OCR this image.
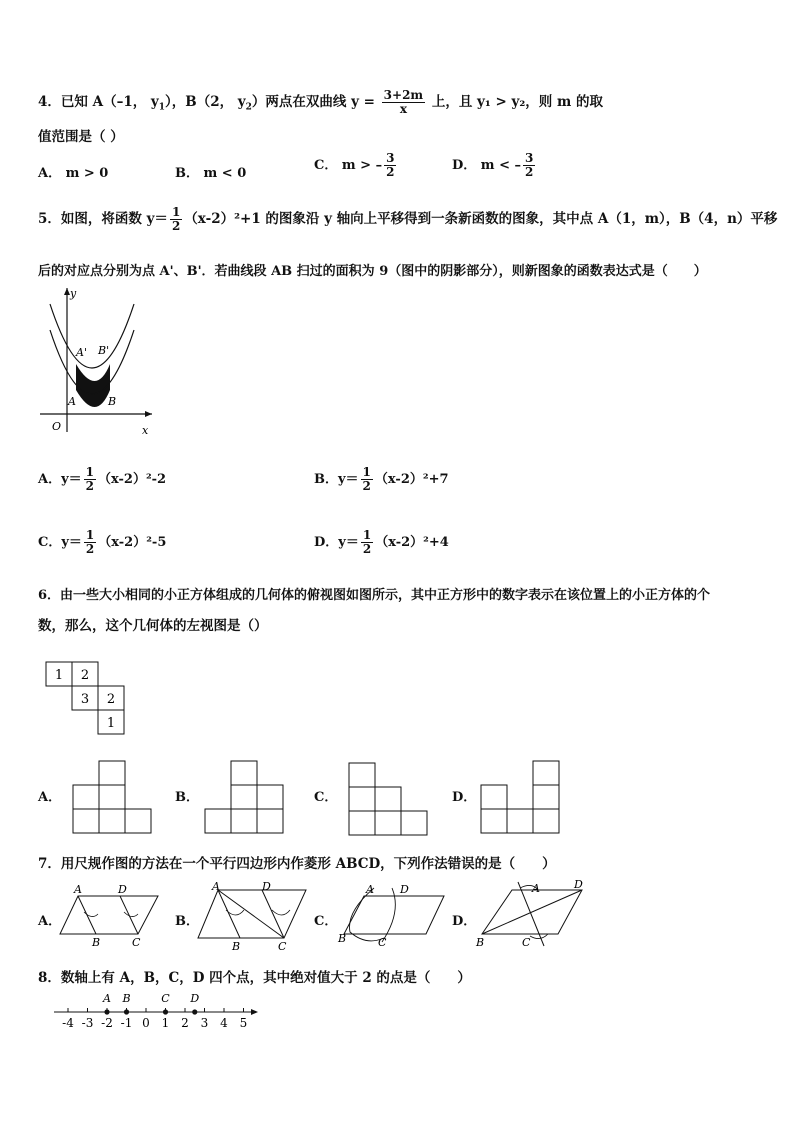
4．已知 A（–1， $y_1$），B（2， $y_2$）两点在双曲线 $y = \frac{3+2m}{x}$ 上，且 y₁ > y₂，则 m 的取
值范围是（ ）
A． m > 0	B． m < 0
C． m > – $\frac{3}{2}$	D． m < – $\frac{3}{2}$
5．如图，将函数 $y= \frac{1}{2} (x-2)^2+1$ 的图象沿 y 轴向上平移得到一条新函数的图象，其中点 A（1，m），B（4，n）平移
后的对应点分别为点 A'、B'．若曲线段 AB 扫过的面积为 9（图中的阴影部分），则新图象的函数表达式是（　　）
y
A' B'
A	B
O	x
A．$y= \frac{1}{2} (x-2)^2-2$	B．$y= \frac{1}{2} (x-2)^2+7$
C．$y= \frac{1}{2} (x-2)^2-5$	D．$y= \frac{1}{2} (x-2)^2+4$
6．由一些大小相同的小正方体组成的几何体的俯视图如图所示，其中正方形中的数字表示在该位置上的小正方体的个
数，那么，这个几何体的左视图是（）
1 2
3 2
1
A．	B．	C．	D．
7．用尺规作图的方法在一个平行四边形内作菱形 ABCD，下列作法错误的是（　　）
A．
A	D
B	C
B．
A	D
B	C
C．
A D
B	C
D．
A	D
B	C
8．数轴上有 A，B，C，D 四个点，其中绝对值大于 2 的点是（　　）
-4 -3 -2 -1 0 1 2 3 4 5
A B	C D
